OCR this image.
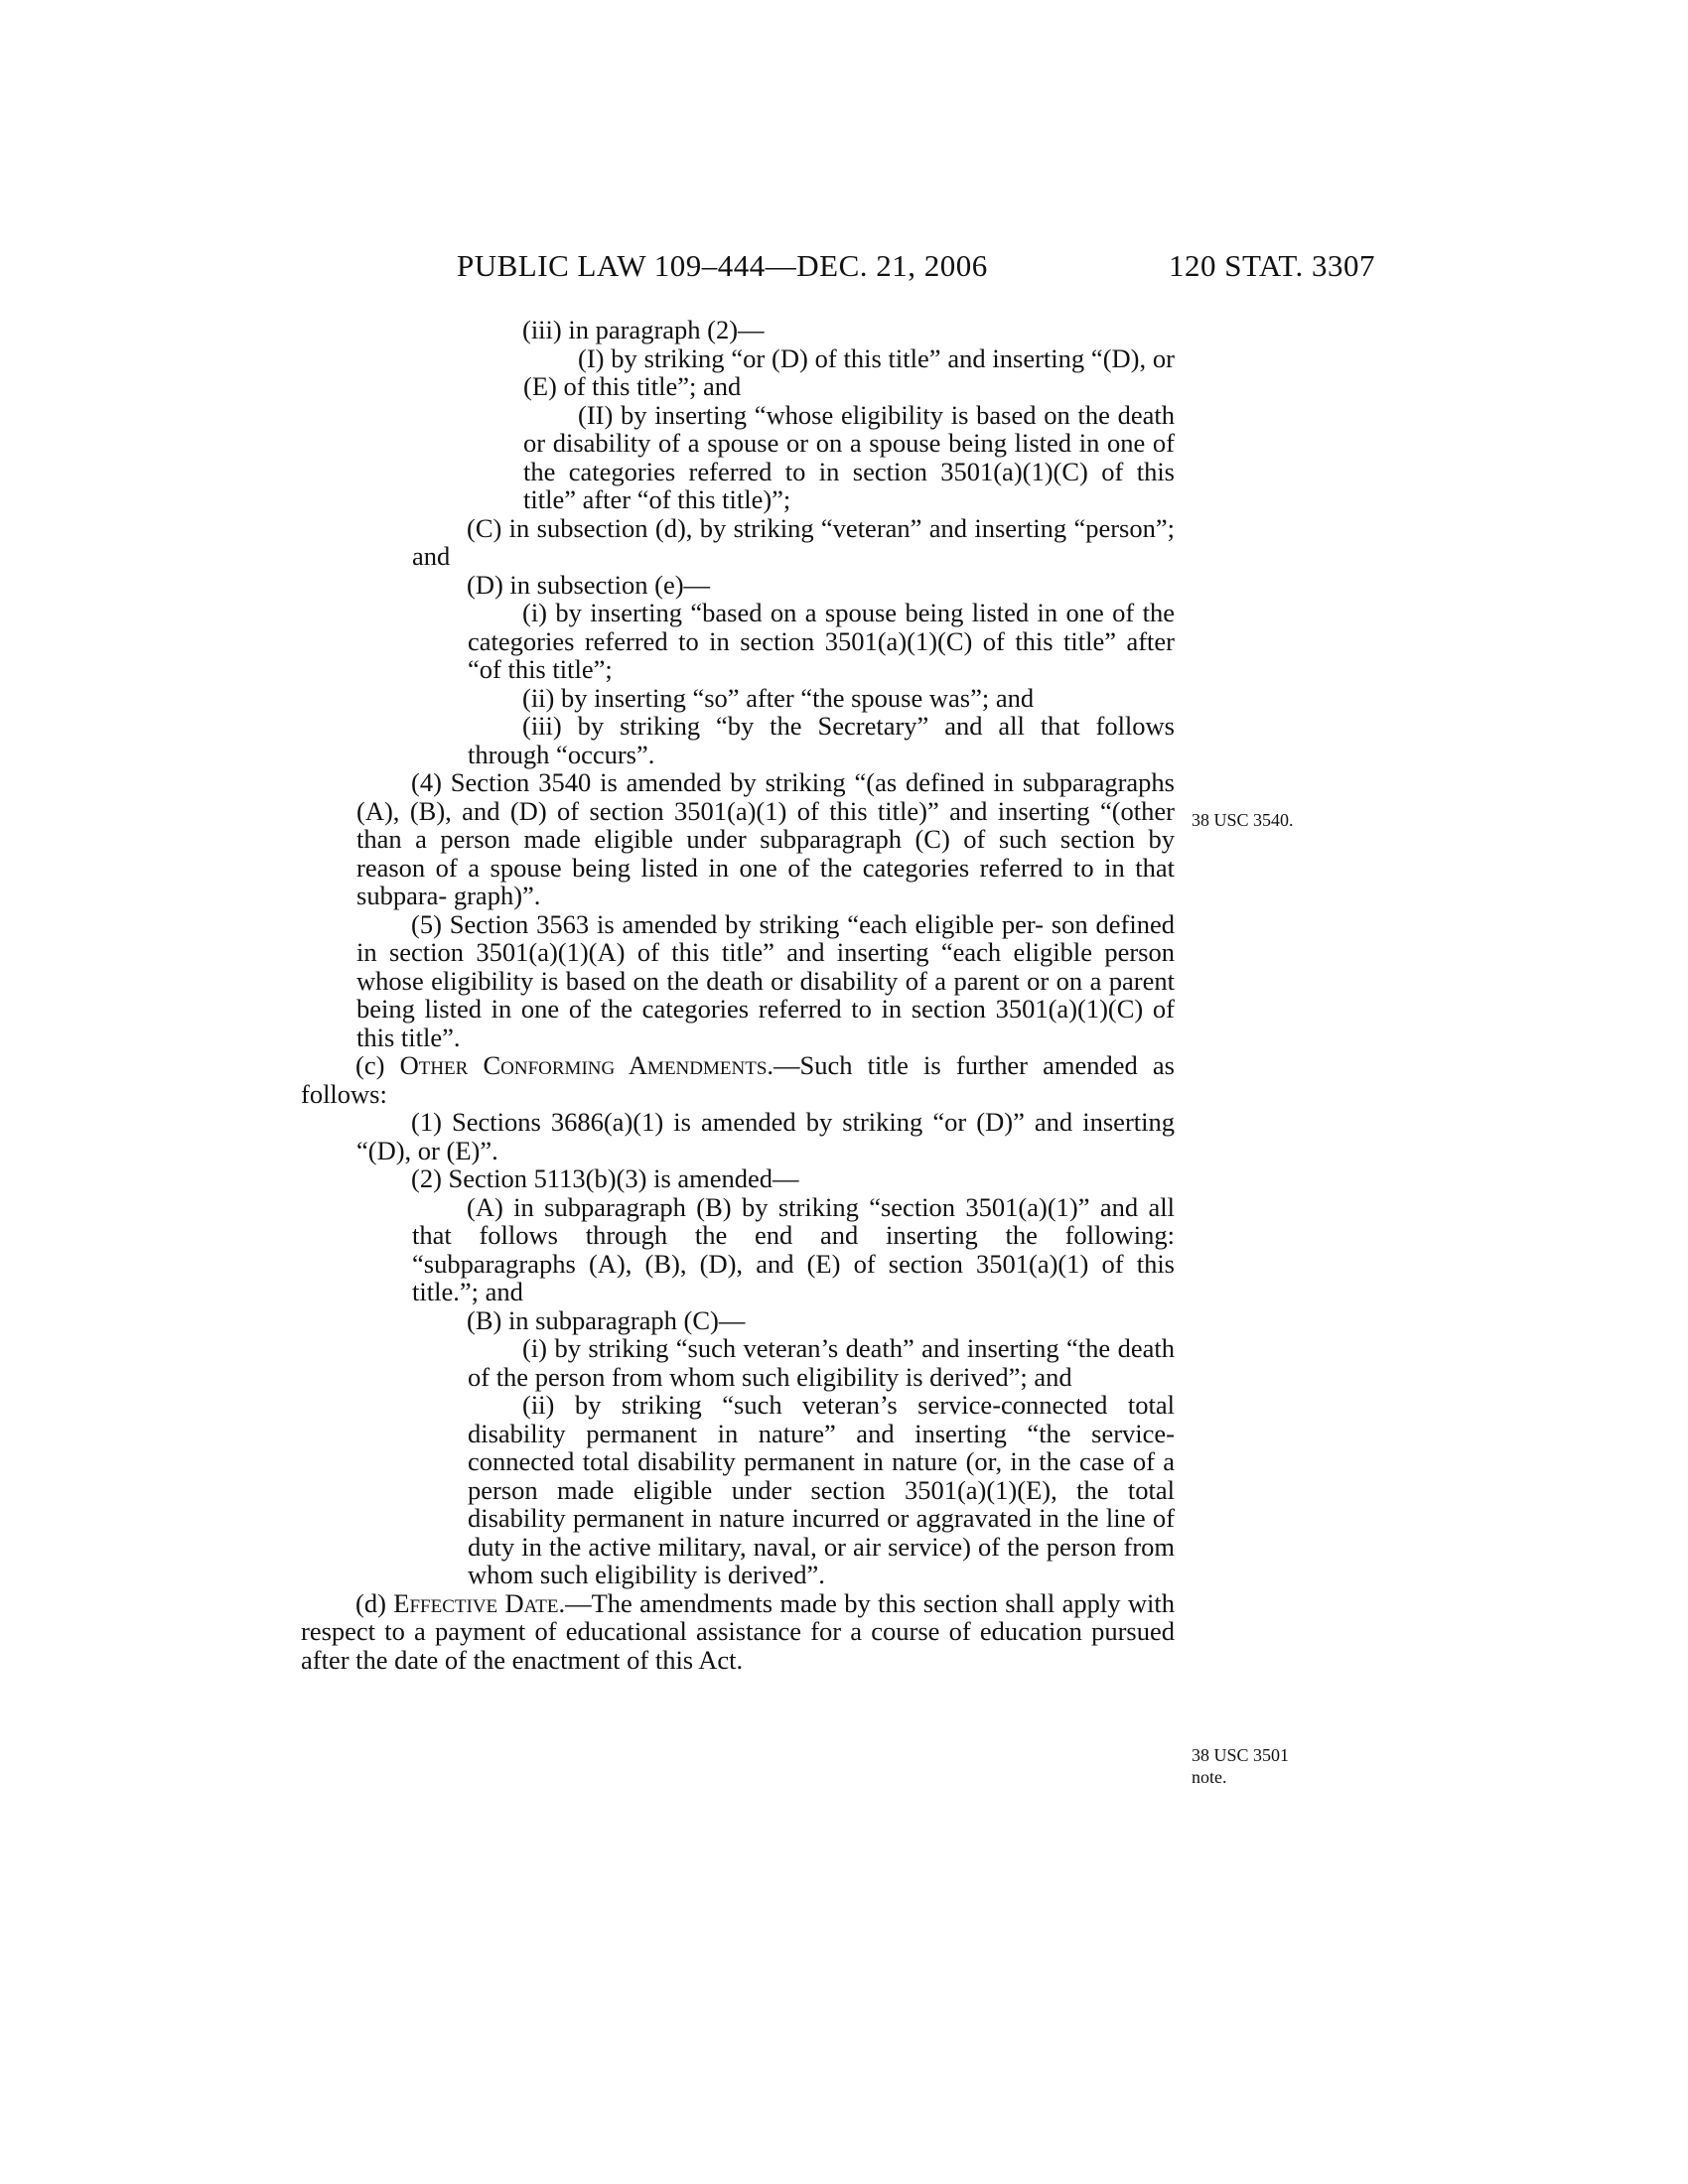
PUBLIC LAW 109–444—DEC. 21, 2006	120 STAT. 3307

(iii) in paragraph (2)—

(I) by striking “or (D) of this title” and inserting “(D), or (E) of this title”; and

(II) by inserting “whose eligibility is based on the death or disability of a spouse or on a spouse being listed in one of the categories referred to in section 3501(a)(1)(C) of this title” after “of this title)”;

(C) in subsection (d), by striking “veteran” and inserting “person”; and

(D) in subsection (e)—

(i) by inserting “based on a spouse being listed in one of the categories referred to in section 3501(a)(1)(C) of this title” after “of this title”;

(ii) by inserting “so” after “the spouse was”; and

(iii) by striking “by the Secretary” and all that follows through “occurs”.

(4) Section 3540 is amended by striking “(as defined in subparagraphs (A), (B), and (D) of section 3501(a)(1) of this title)” and inserting “(other than a person made eligible under subparagraph (C) of such section by reason of a spouse being listed in one of the categories referred to in that subpara- graph)”.

(5) Section 3563 is amended by striking “each eligible per- son defined in section 3501(a)(1)(A) of this title” and inserting “each eligible person whose eligibility is based on the death or disability of a parent or on a parent being listed in one of the categories referred to in section 3501(a)(1)(C) of this title”.

(c) Other Conforming Amendments.—Such title is further amended as follows:

(1) Sections 3686(a)(1) is amended by striking “or (D)” and inserting “(D), or (E)”.

(2) Section 5113(b)(3) is amended—

(A) in subparagraph (B) by striking “section 3501(a)(1)” and all that follows through the end and inserting the following: “subparagraphs (A), (B), (D), and (E) of section 3501(a)(1) of this title.”; and

(B) in subparagraph (C)—

(i) by striking “such veteran’s death” and inserting “the death of the person from whom such eligibility is derived”; and

(ii) by striking “such veteran’s service-connected total disability permanent in nature” and inserting “the service-connected total disability permanent in nature (or, in the case of a person made eligible under section 3501(a)(1)(E), the total disability permanent in nature incurred or aggravated in the line of duty in the active military, naval, or air service) of the person from whom such eligibility is derived”.

(d) Effective Date.—The amendments made by this section shall apply with respect to a payment of educational assistance for a course of education pursued after the date of the enactment of this Act.

38 USC 3540.
38 USC 3501
note.
